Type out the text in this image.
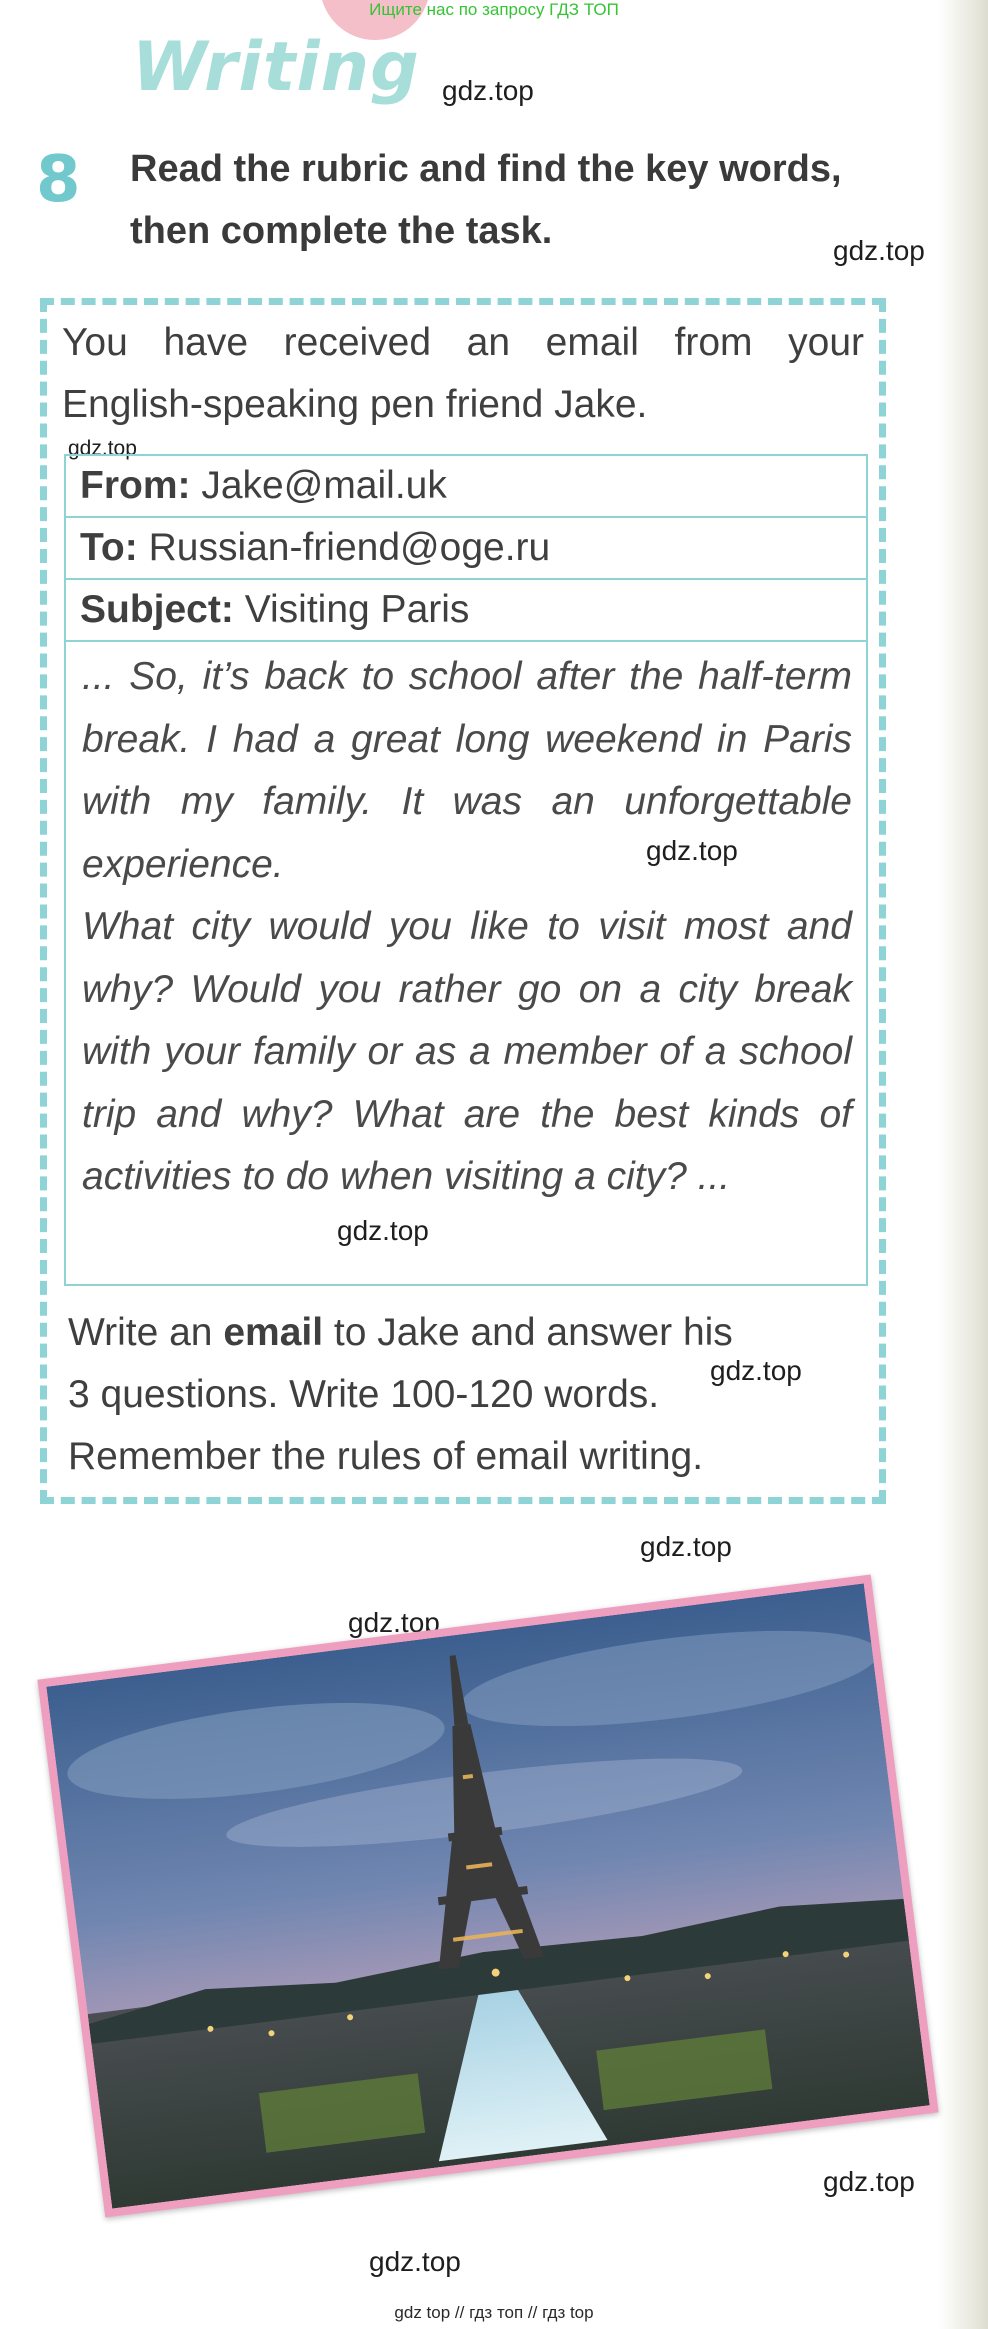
Ищите нас по запросу ГДЗ ТОП
Writing
8 Read the rubric and find the key words, then complete the task.
gdz.top
gdz.top
You have received an email from your English-speaking pen friend Jake.
gdz.top
From: Jake@mail.uk
To: Russian-friend@oge.ru
Subject: Visiting Paris

... So, it’s back to school after the half-term break. I had a great long weekend in Paris with my family. It was an unforgettable experience.

What city would you like to visit most and why? Would you rather go on a city break with your family or as a member of a school trip and why? What are the best kinds of activities to do when visiting a city? ...

gdz.top
gdz.top
Write an email to Jake and answer his
3 questions. Write 100-120 words.
Remember the rules of email writing.
gdz.top
gdz.top
gdz.top
gdz.top
gdz.top
gdz top // гдз топ // гдз top
